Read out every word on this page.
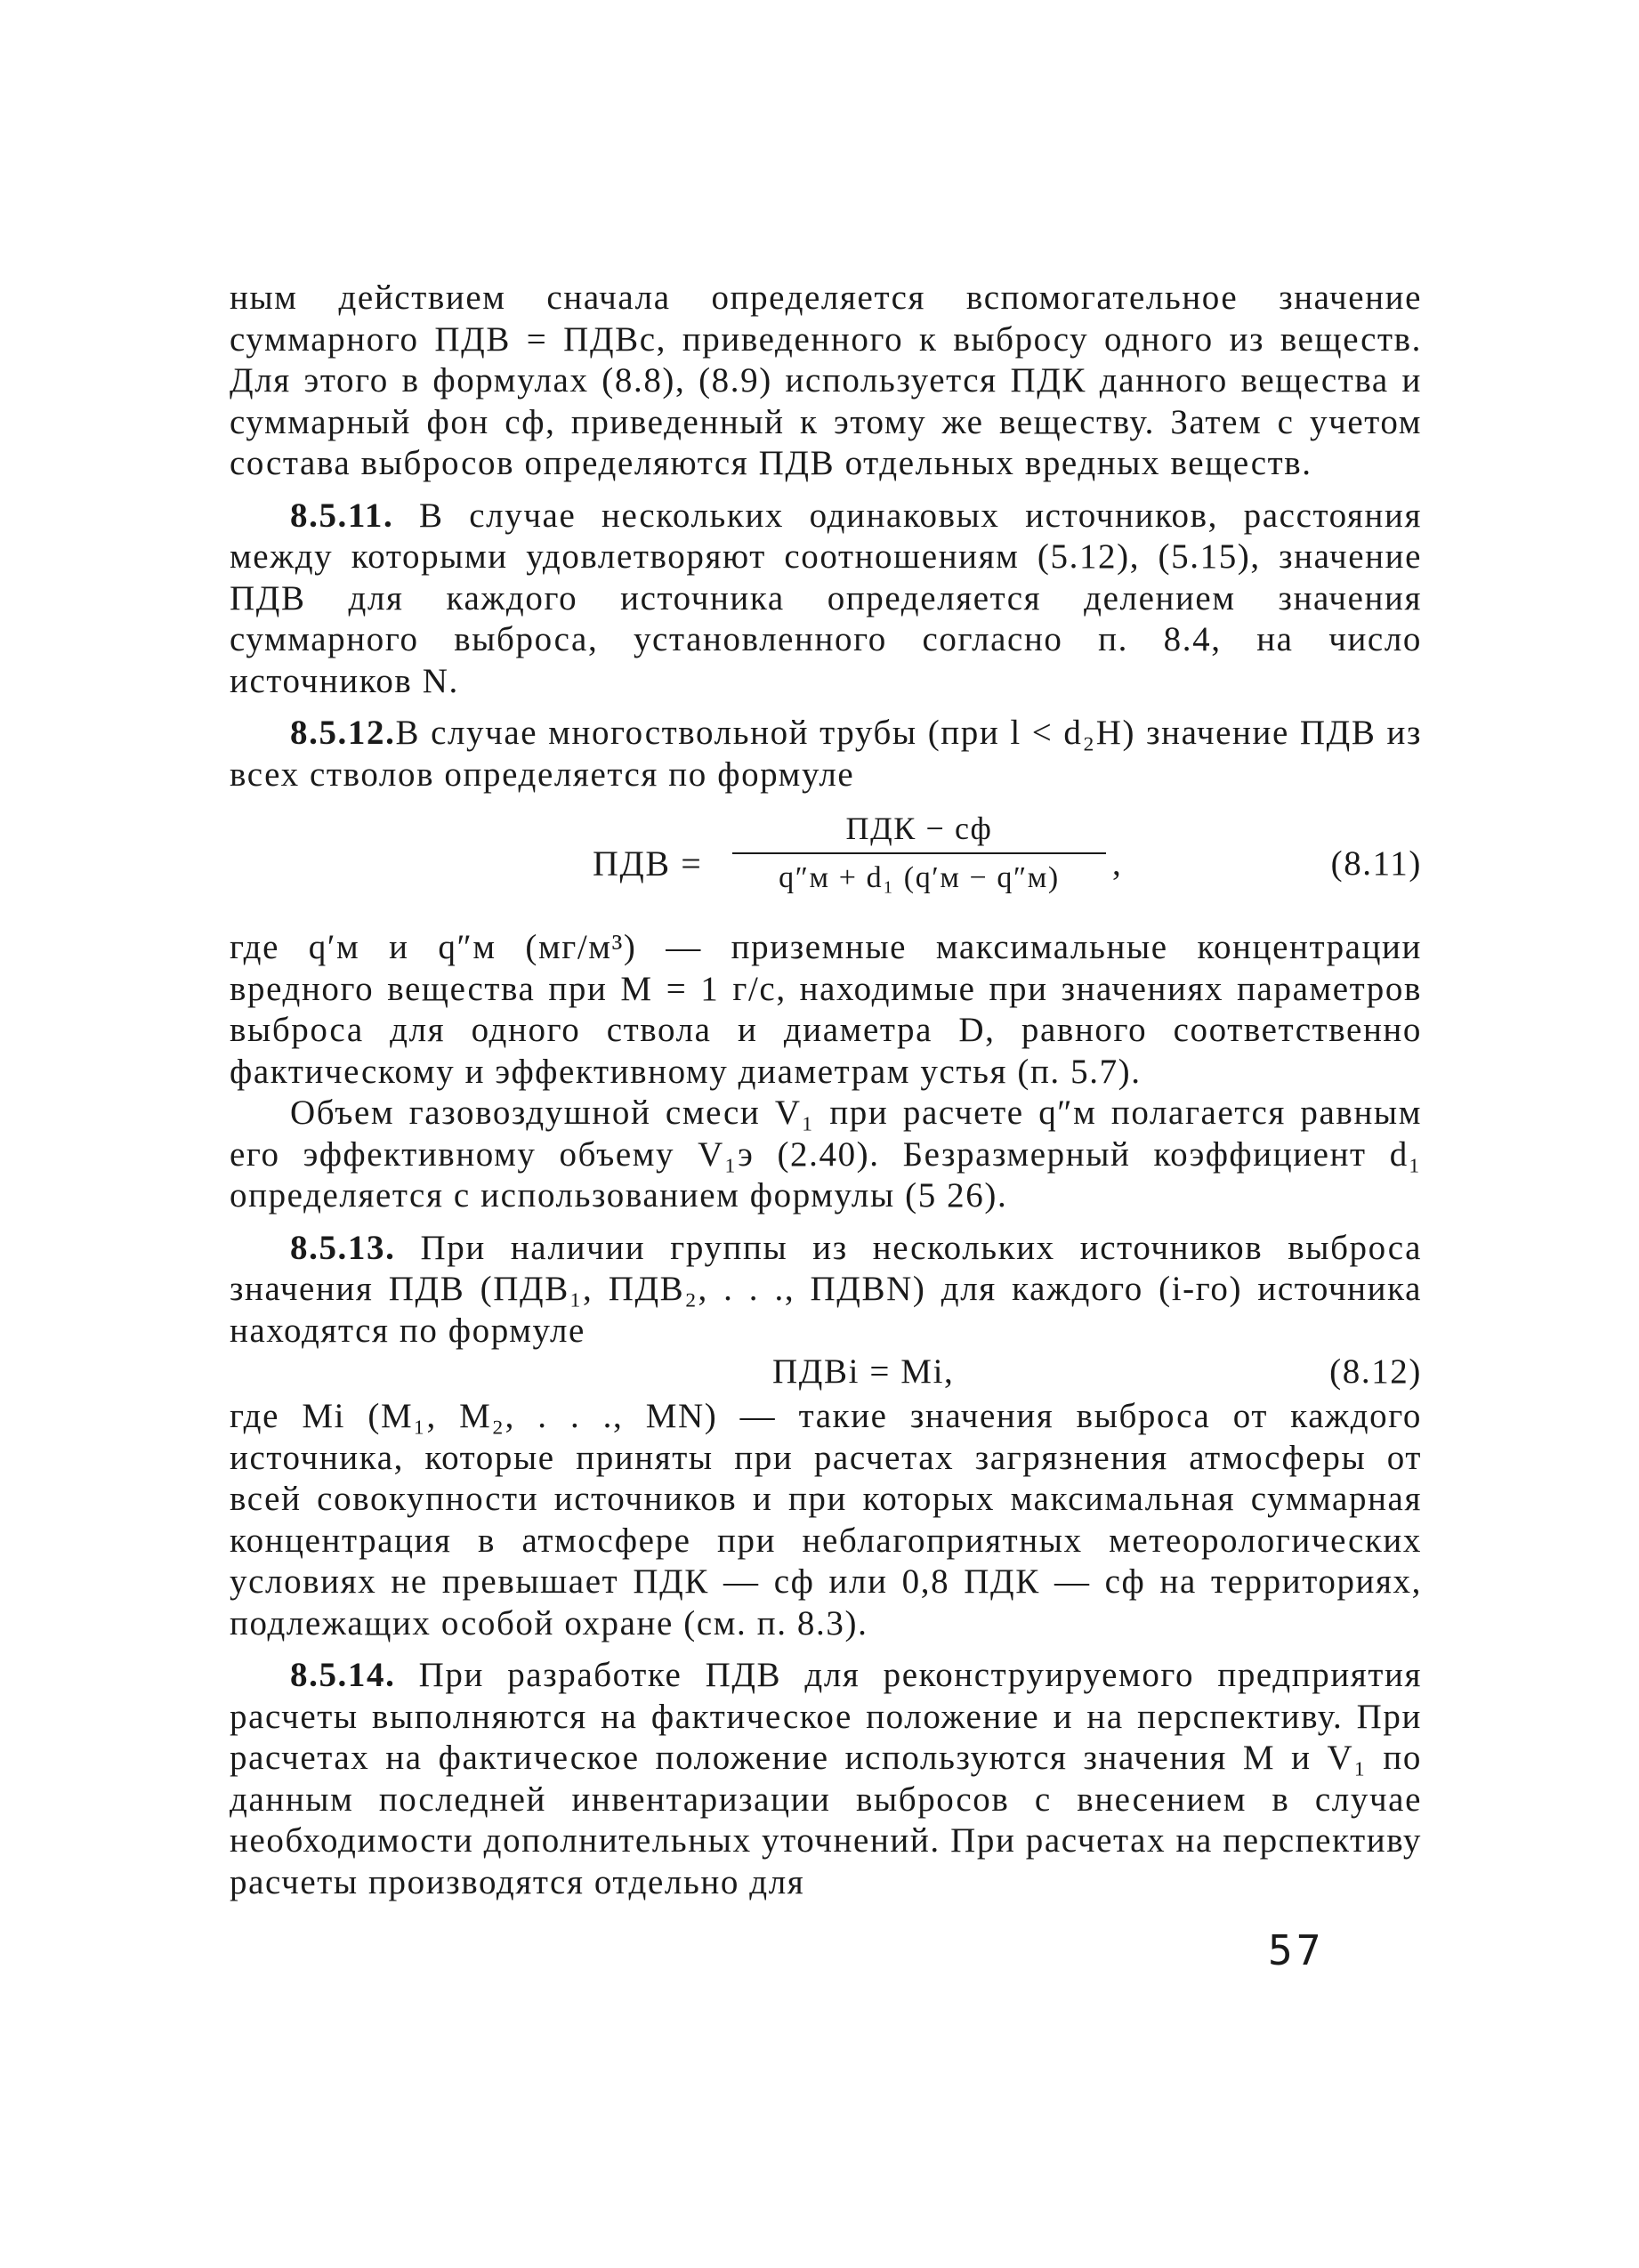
ным действием сначала определяется вспомогательное значение суммарного ПДВ = ПДВс, приведенного к выбросу одного из веществ. Для этого в формулах (8.8), (8.9) используется ПДК данного вещества и суммарный фон cф, приведенный к этому же веществу. Затем с учетом состава выбросов определяются ПДВ отдельных вредных веществ.

8.5.11. В случае нескольких одинаковых источников, расстояния между которыми удовлетворяют соотношениям (5.12), (5.15), значение ПДВ для каждого источника определяется делением значения суммарного выброса, установленного согласно п. 8.4, на число источников N.

8.5.12.В случае многоствольной трубы (при l < d₂H) значение ПДВ из всех стволов определяется по формуле

ПДВ =
ПДК − cф
q″м + d₁ (q′м − q″м)	,	(8.11)

где q′м и q″м (мг/м³) — приземные максимальные концентрации вредного вещества при M = 1 г/с, находимые при значениях параметров выброса для одного ствола и диаметра D, равного соответственно фактическому и эффективному диаметрам устья (п. 5.7).

Объем газовоздушной смеси V₁ при расчете q″м полагается равным его эффективному объему V₁э (2.40). Безразмерный коэффициент d₁ определяется с использованием формулы (5 26).

8.5.13. При наличии группы из нескольких источников выброса значения ПДВ (ПДВ₁, ПДВ₂, . . ., ПДВN) для каждого (i-го) источника находятся по формуле

ПДВi = Mi,	(8.12)

где Mi (M₁, M₂, . . ., MN) — такие значения выброса от каждого источника, которые приняты при расчетах загрязнения атмосферы от всей совокупности источников и при которых максимальная суммарная концентрация в атмосфере при неблагоприятных метеорологических условиях не превышает ПДК — cф или 0,8 ПДК — cф на территориях, подлежащих особой охране (см. п. 8.3).

8.5.14. При разработке ПДВ для реконструируемого предприятия расчеты выполняются на фактическое положение и на перспективу. При расчетах на фактическое положение используются значения M и V₁ по данным последней инвентаризации выбросов с внесением в случае необходимости дополнительных уточнений. При расчетах на перспективу расчеты производятся отдельно для

57
